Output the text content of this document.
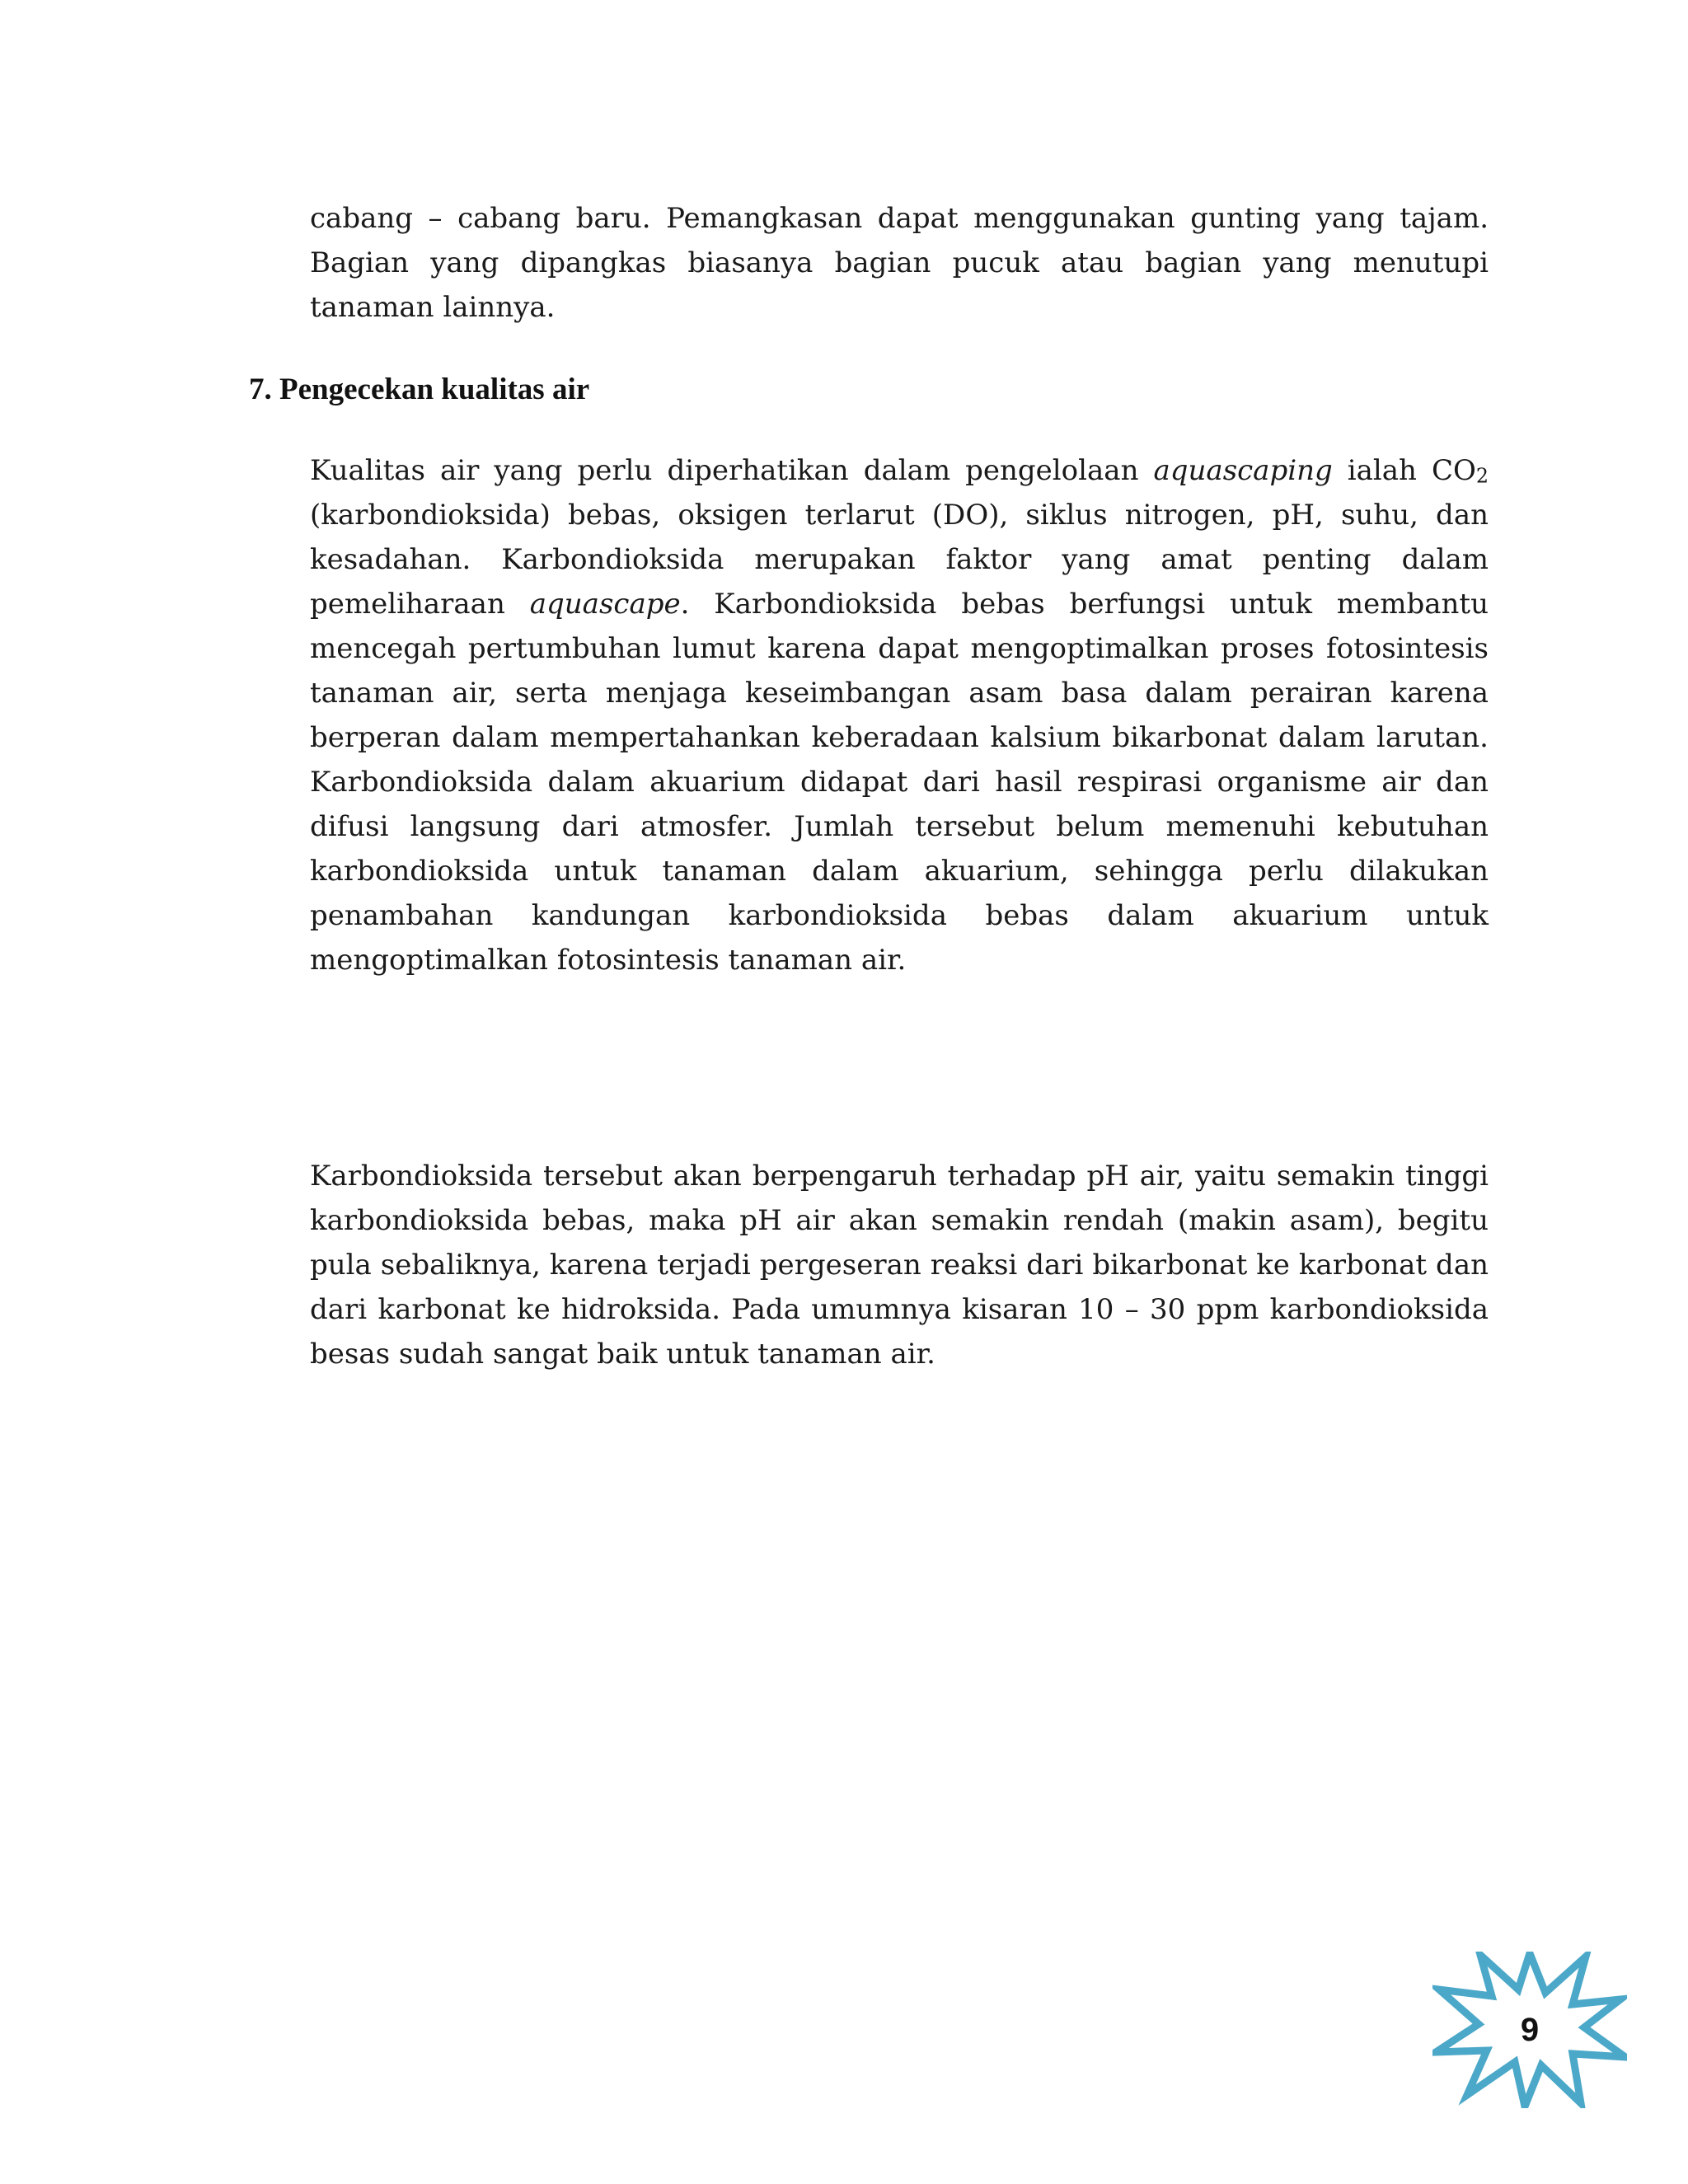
cabang – cabang baru. Pemangkasan dapat menggunakan gunting yang tajam. Bagian yang dipangkas biasanya bagian pucuk atau bagian yang menutupi tanaman lainnya.

7. Pengecekan kualitas air

Kualitas air yang perlu diperhatikan dalam pengelolaan aquascaping ialah CO2 (karbondioksida) bebas, oksigen terlarut (DO), siklus nitrogen, pH, suhu, dan kesadahan. Karbondioksida merupakan faktor yang amat penting dalam pemeliharaan aquascape. Karbondioksida bebas berfungsi untuk membantu mencegah pertumbuhan lumut karena dapat mengoptimalkan proses fotosintesis tanaman air, serta menjaga keseimbangan asam basa dalam perairan karena berperan dalam mempertahankan keberadaan kalsium bikarbonat dalam larutan. Karbondioksida dalam akuarium didapat dari hasil respirasi organisme air dan difusi langsung dari atmosfer. Jumlah tersebut belum memenuhi kebutuhan karbondioksida untuk tanaman dalam akuarium, sehingga perlu dilakukan penambahan kandungan karbondioksida bebas dalam akuarium untuk mengoptimalkan fotosintesis tanaman air.

Karbondioksida tersebut akan berpengaruh terhadap pH air, yaitu semakin tinggi karbondioksida bebas, maka pH air akan semakin rendah (makin asam), begitu pula sebaliknya, karena terjadi pergeseran reaksi dari bikarbonat ke karbonat dan dari karbonat ke hidroksida. Pada umumnya kisaran 10 – 30 ppm karbondioksida besas sudah sangat baik untuk tanaman air.

9
